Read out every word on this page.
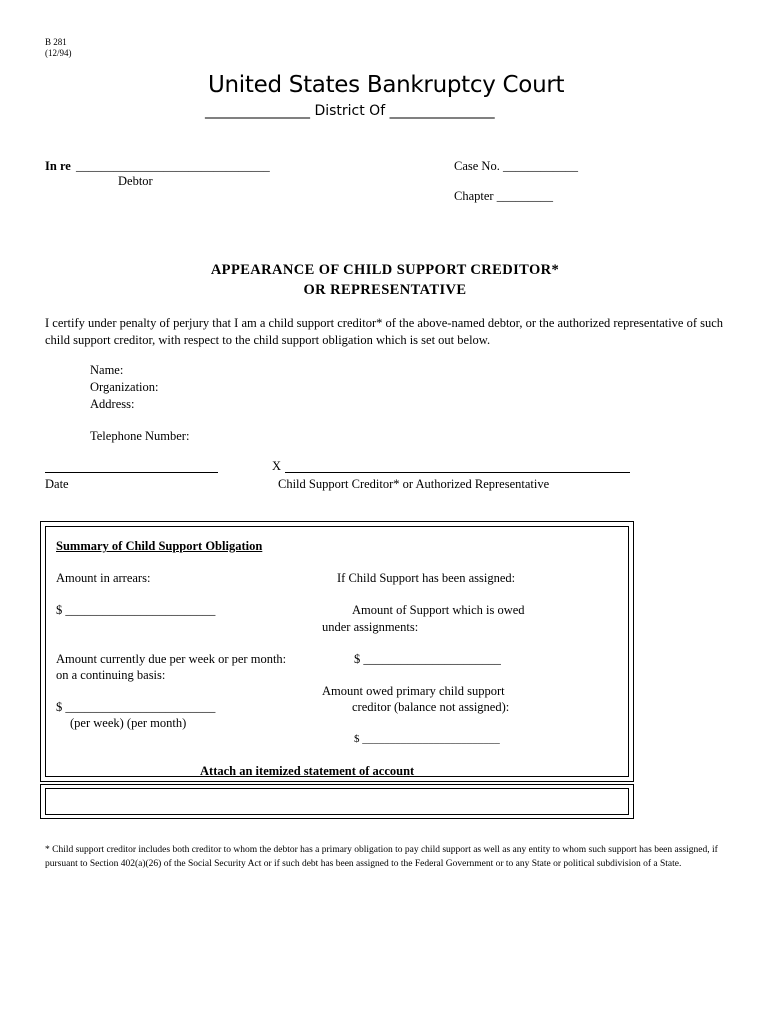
B 281
(12/94)
United States Bankruptcy Court
_______________ District Of _______________
In re _______________________________
Debtor
Case No. ____________
Chapter _________
APPEARANCE OF CHILD SUPPORT CREDITOR*
OR REPRESENTATIVE
I certify under penalty of perjury that I am a child support creditor* of the above-named debtor, or the authorized representative of such child support creditor, with respect to the child support obligation which is set out below.
Name:
Organization:
Address:
Telephone Number:
Date
X
Child Support Creditor* or Authorized Representative
Summary of Child Support Obligation
Amount in arrears:
$ ________________________
Amount currently due per week or per month:
on a continuing basis:
$ ________________________
(per week) (per month)
If Child Support has been assigned:
Amount of Support which is owed
under assignments:
$ ______________________
Amount owed primary child support
creditor (balance not assigned):
$ _________________________
Attach an itemized statement of account
* Child support creditor includes both creditor to whom the debtor has a primary obligation to pay child support as well as any entity to whom such support has been assigned, if pursuant to Section 402(a)(26) of the Social Security Act or if such debt has been assigned to the Federal Government or to any State or political subdivision of a State.
